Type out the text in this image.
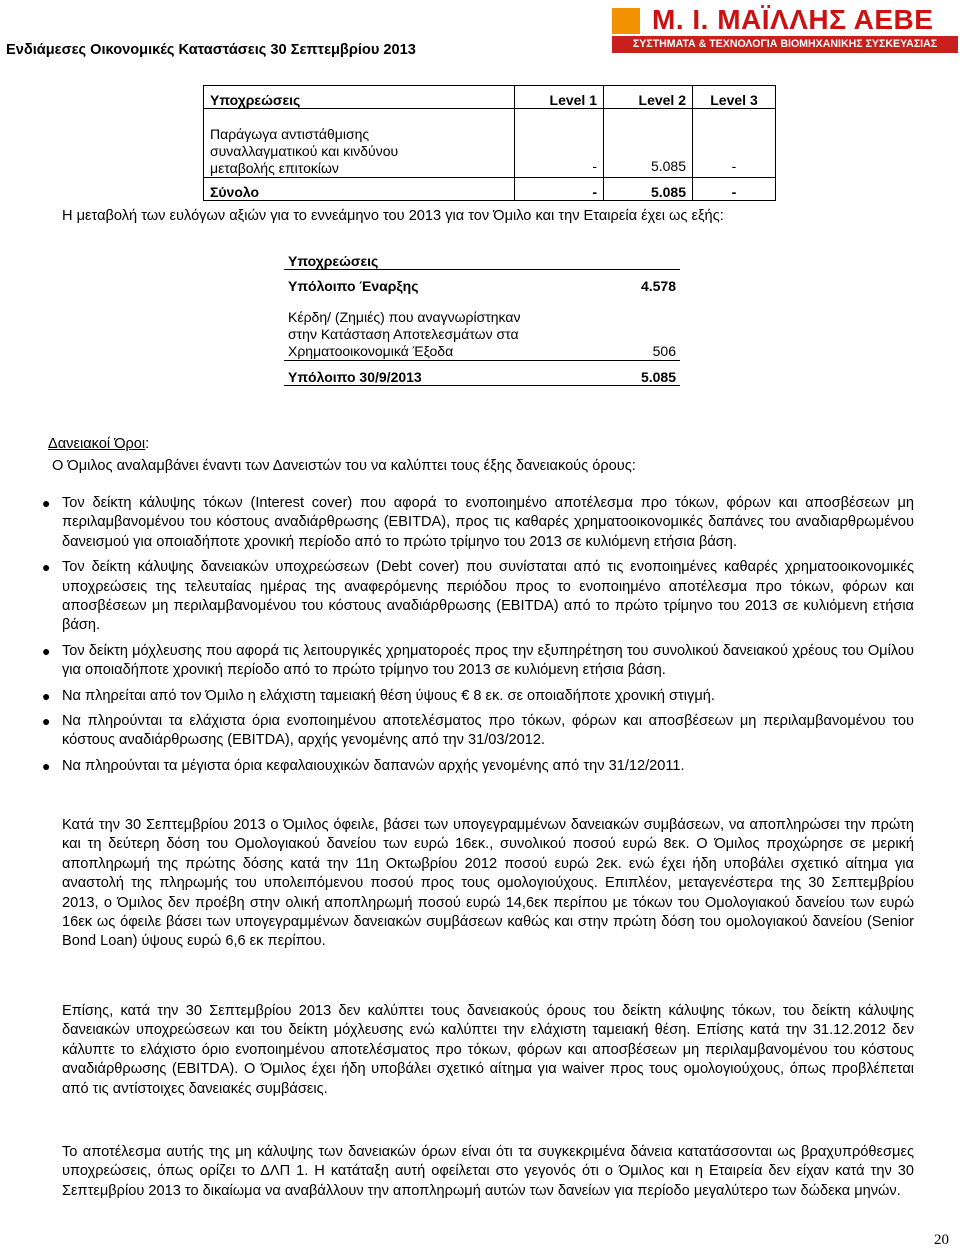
Ενδιάμεσες Οικονομικές Καταστάσεις 30 Σεπτεμβρίου 2013
Μ. Ι. ΜΑΪΛΛΗΣ ΑΕΒΕ
ΣΥΣΤΗΜΑΤΑ & ΤΕΧΝΟΛΟΓΙΑ ΒΙΟΜΗΧΑΝΙΚΗΣ ΣΥΣΚΕΥΑΣΙΑΣ
Υποχρεώσεις	Level 1	Level 2	Level 3

Παράγωγα αντιστάθμισης
συναλλαγματικού και κινδύνου
μεταβολής επιτοκίων	-	5.085	-
Σύνολο	-	5.085	-
Η μεταβολή των ευλόγων αξιών για το εννεάμηνο του 2013 για τον Όμιλο και την Εταιρεία έχει ως εξής:
Υποχρεώσεις	
Υπόλοιπο Έναρξης	4.578

Κέρδη/ (Ζημιές) που αναγνωρίστηκαν
στην Κατάσταση Αποτελεσμάτων στα
Χρηματοοικονομικά Έξοδα	506
Υπόλοιπο 30/9/2013	5.085
Δανειακοί Όροι:
Ο Όμιλος αναλαμβάνει έναντι των Δανειστών του να καλύπτει τους έξης δανειακούς όρους:
● Τον δείκτη κάλυψης τόκων (Interest cover) που αφορά το ενοποιημένο αποτέλεσμα προ τόκων, φόρων και αποσβέσεων μη περιλαμβανομένου του κόστους αναδιάρθρωσης (EBITDA), προς τις καθαρές χρηματοοικονομικές δαπάνες του αναδιαρθρωμένου δανεισμού για οποιαδήποτε χρονική περίοδο από το πρώτο τρίμηνο του 2013 σε κυλιόμενη ετήσια βάση.
● Τον δείκτη κάλυψης δανειακών υποχρεώσεων (Debt cover) που συνίσταται από τις ενοποιημένες καθαρές χρηματοοικονομικές υποχρεώσεις της τελευταίας ημέρας της αναφερόμενης περιόδου προς το ενοποιημένο αποτέλεσμα προ τόκων, φόρων και αποσβέσεων μη περιλαμβανομένου του κόστους αναδιάρθρωσης (EBITDA) από το πρώτο τρίμηνο του 2013 σε κυλιόμενη ετήσια βάση.
● Τον δείκτη μόχλευσης που αφορά τις λειτουργικές χρηματοροές προς την εξυπηρέτηση του συνολικού δανειακού χρέους του Ομίλου για οποιαδήποτε χρονική περίοδο από το πρώτο τρίμηνο του 2013 σε κυλιόμενη ετήσια βάση.
● Να πληρείται από τον Όμιλο η ελάχιστη ταμειακή θέση ύψους € 8 εκ. σε οποιαδήποτε χρονική στιγμή.
● Να πληρούνται τα ελάχιστα όρια ενοποιημένου αποτελέσματος προ τόκων, φόρων και αποσβέσεων μη περιλαμβανομένου του κόστους αναδιάρθρωσης (EBITDA), αρχής γενομένης από την 31/03/2012.
● Να πληρούνται τα μέγιστα όρια κεφαλαιουχικών δαπανών αρχής γενομένης από την 31/12/2011.
Κατά την 30 Σεπτεμβρίου 2013 ο Όμιλος όφειλε, βάσει των υπογεγραμμένων δανειακών συμβάσεων, να αποπληρώσει την πρώτη και τη δεύτερη δόση του Ομολογιακού δανείου των ευρώ 16εκ., συνολικού ποσού ευρώ 8εκ. Ο Όμιλος προχώρησε σε μερική αποπληρωμή της πρώτης δόσης κατά την 11η Οκτωβρίου 2012 ποσού ευρώ 2εκ. ενώ έχει ήδη υποβάλει σχετικό αίτημα για αναστολή της πληρωμής του υπολειπόμενου ποσού προς τους ομολογιούχους. Επιπλέον, μεταγενέστερα της 30 Σεπτεμβρίου 2013, ο Όμιλος δεν προέβη στην ολική αποπληρωμή ποσού ευρώ 14,6εκ περίπου με τόκων του Ομολογιακού δανείου των ευρώ 16εκ ως όφειλε βάσει των υπογεγραμμένων δανειακών συμβάσεων καθώς και στην πρώτη δόση του ομολογιακού δανείου (Senior Bond Loan) ύψους ευρώ 6,6 εκ περίπου.
Επίσης, κατά την 30 Σεπτεμβρίου 2013 δεν καλύπτει τους δανειακούς όρους του δείκτη κάλυψης τόκων, του δείκτη κάλυψης δανειακών υποχρεώσεων και του δείκτη μόχλευσης ενώ καλύπτει την ελάχιστη ταμειακή θέση. Επίσης κατά την 31.12.2012 δεν κάλυπτε το ελάχιστο όριο ενοποιημένου αποτελέσματος προ τόκων, φόρων και αποσβέσεων μη περιλαμβανομένου του κόστους αναδιάρθρωσης (EBITDA). Ο Όμιλος έχει ήδη υποβάλει σχετικό αίτημα για waiver προς τους ομολογιούχους, όπως προβλέπεται από τις αντίστοιχες δανειακές συμβάσεις.
Το αποτέλεσμα αυτής της μη κάλυψης των δανειακών όρων είναι ότι τα συγκεκριμένα δάνεια κατατάσσονται ως βραχυπρόθεσμες υποχρεώσεις, όπως ορίζει το ΔΛΠ 1. Η κατάταξη αυτή οφείλεται στο γεγονός ότι ο Όμιλος και η Εταιρεία δεν είχαν κατά την 30 Σεπτεμβρίου 2013 το δικαίωμα να αναβάλλουν την αποπληρωμή αυτών των δανείων για περίοδο μεγαλύτερο των δώδεκα μηνών.
20
